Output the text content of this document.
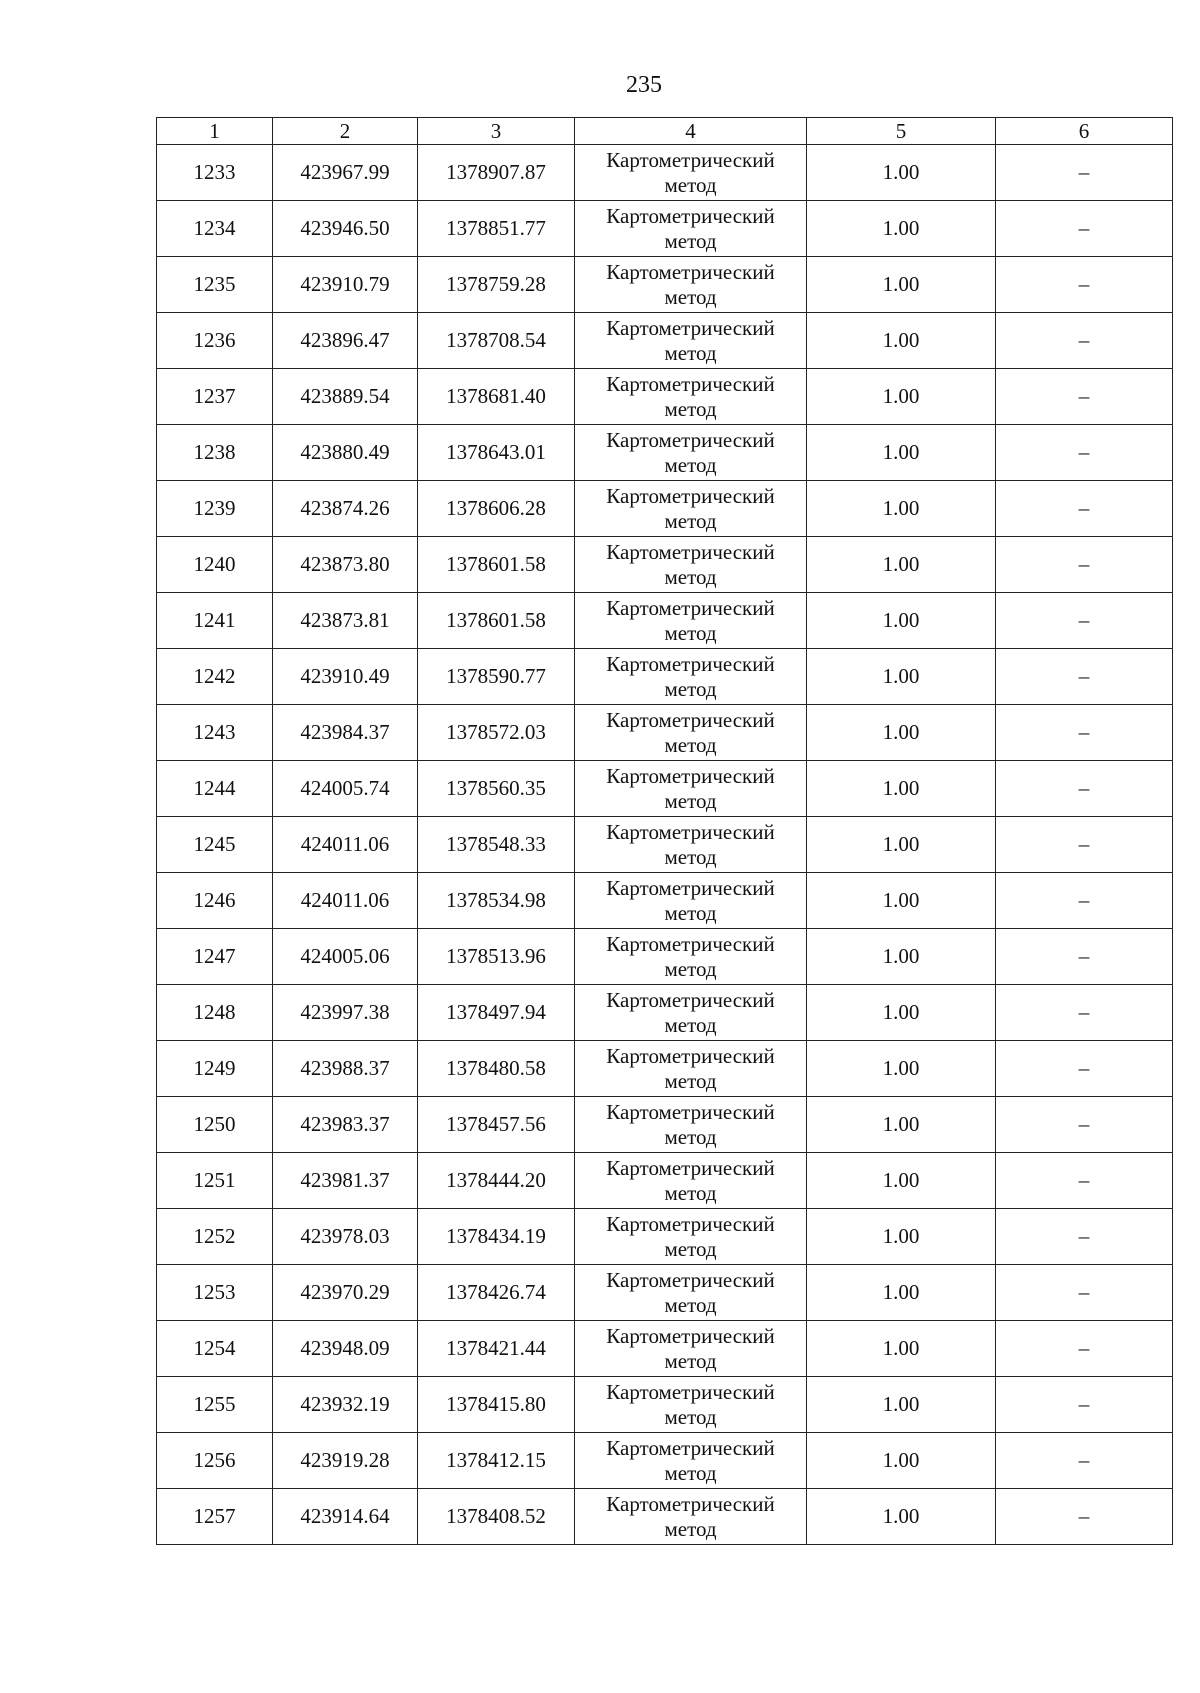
235
1	2	3	4	5	6
1233	423967.99	1378907.87	Картометрический
метод	1.00	–
1234	423946.50	1378851.77	Картометрический
метод	1.00	–
1235	423910.79	1378759.28	Картометрический
метод	1.00	–
1236	423896.47	1378708.54	Картометрический
метод	1.00	–
1237	423889.54	1378681.40	Картометрический
метод	1.00	–
1238	423880.49	1378643.01	Картометрический
метод	1.00	–
1239	423874.26	1378606.28	Картометрический
метод	1.00	–
1240	423873.80	1378601.58	Картометрический
метод	1.00	–
1241	423873.81	1378601.58	Картометрический
метод	1.00	–
1242	423910.49	1378590.77	Картометрический
метод	1.00	–
1243	423984.37	1378572.03	Картометрический
метод	1.00	–
1244	424005.74	1378560.35	Картометрический
метод	1.00	–
1245	424011.06	1378548.33	Картометрический
метод	1.00	–
1246	424011.06	1378534.98	Картометрический
метод	1.00	–
1247	424005.06	1378513.96	Картометрический
метод	1.00	–
1248	423997.38	1378497.94	Картометрический
метод	1.00	–
1249	423988.37	1378480.58	Картометрический
метод	1.00	–
1250	423983.37	1378457.56	Картометрический
метод	1.00	–
1251	423981.37	1378444.20	Картометрический
метод	1.00	–
1252	423978.03	1378434.19	Картометрический
метод	1.00	–
1253	423970.29	1378426.74	Картометрический
метод	1.00	–
1254	423948.09	1378421.44	Картометрический
метод	1.00	–
1255	423932.19	1378415.80	Картометрический
метод	1.00	–
1256	423919.28	1378412.15	Картометрический
метод	1.00	–
1257	423914.64	1378408.52	Картометрический
метод	1.00	–
